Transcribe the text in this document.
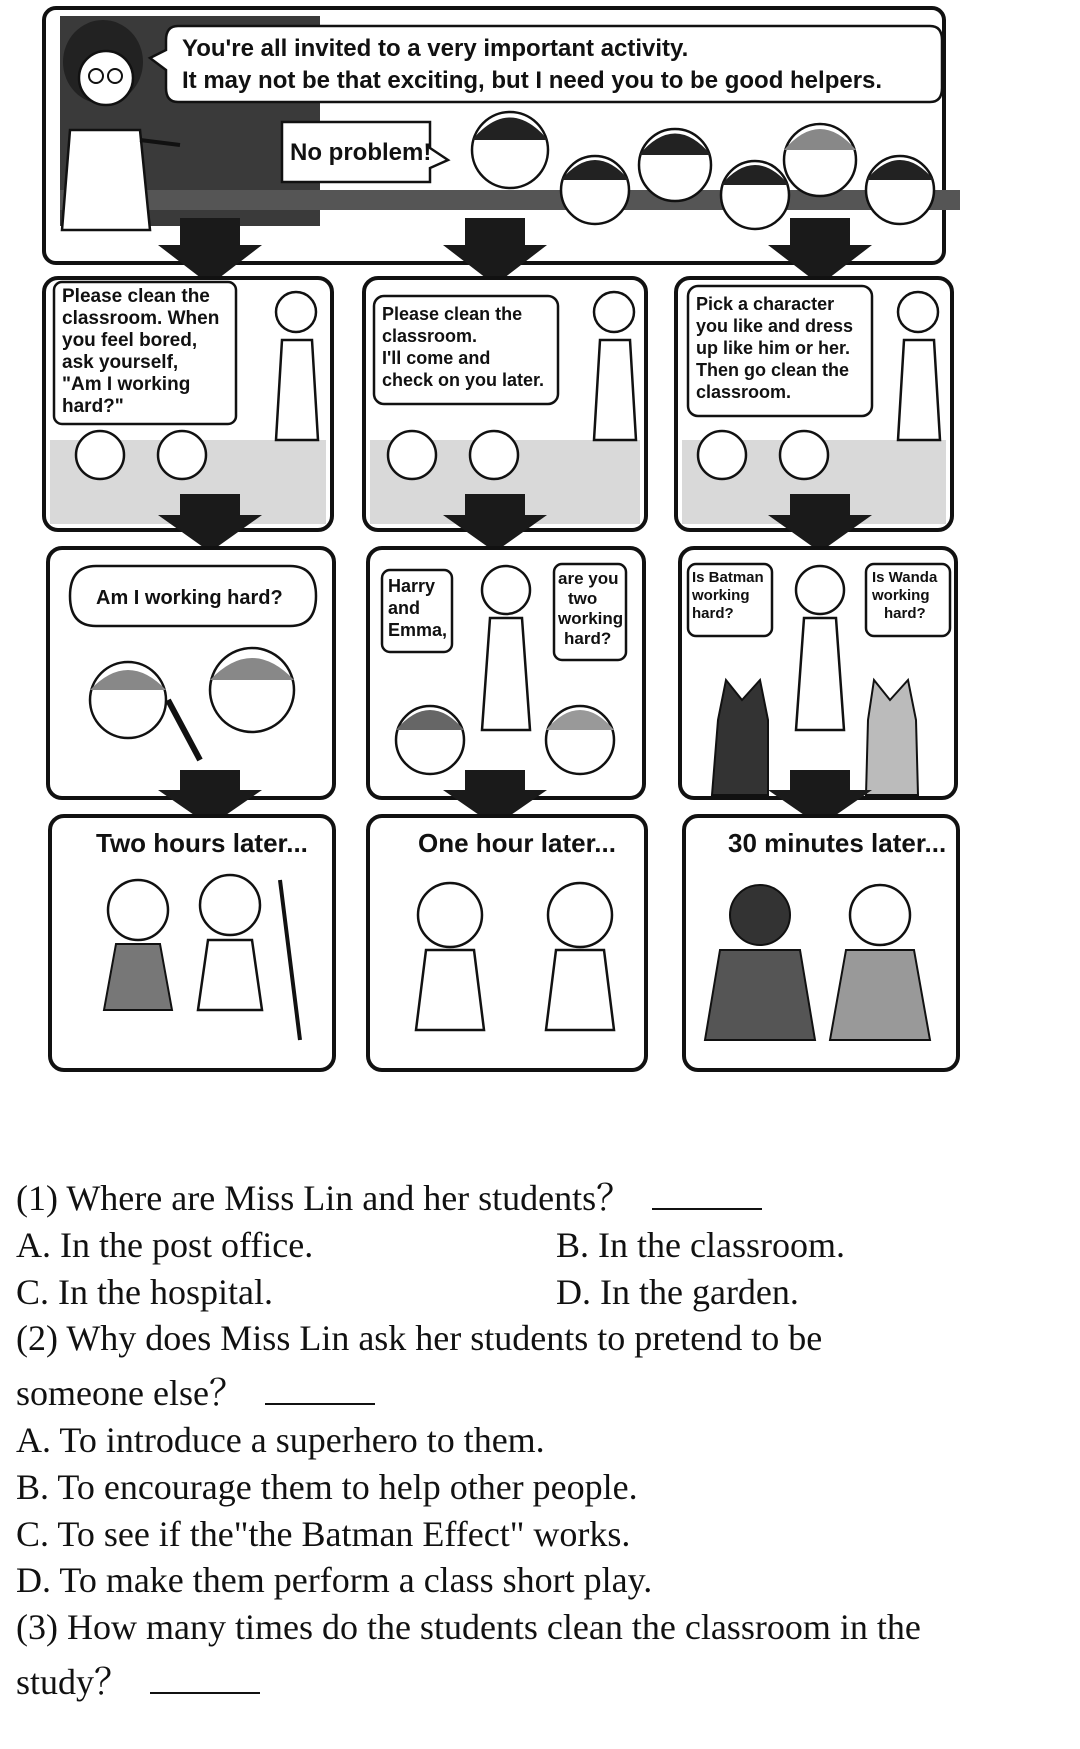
You're all invited to a very important activity.
It may not be that exciting, but I need you to be good helpers.
No problem!
Please clean the classroom. When you feel bored, ask yourself, "Am I working hard?"
Please clean the classroom. I'll come and check on you later.
Pick a character you like and dress up like him or her. Then go clean the classroom.
Am I working hard?
Harry and Emma,
are you two working hard?
Is Batman working hard?
Is Wanda working hard?
Two hours later...	One hour later...	30 minutes later...
(1) Where are Miss Lin and her students？
A. In the post office.	B. In the classroom.
C. In the hospital.	D. In the garden.
(2) Why does Miss Lin ask her students to pretend to be
someone else？
A. To introduce a superhero to them.
B. To encourage them to help other people.
C. To see if the"the Batman Effect" works.
D. To make them perform a class short play.
(3) How many times do the students clean the classroom in the
study？
